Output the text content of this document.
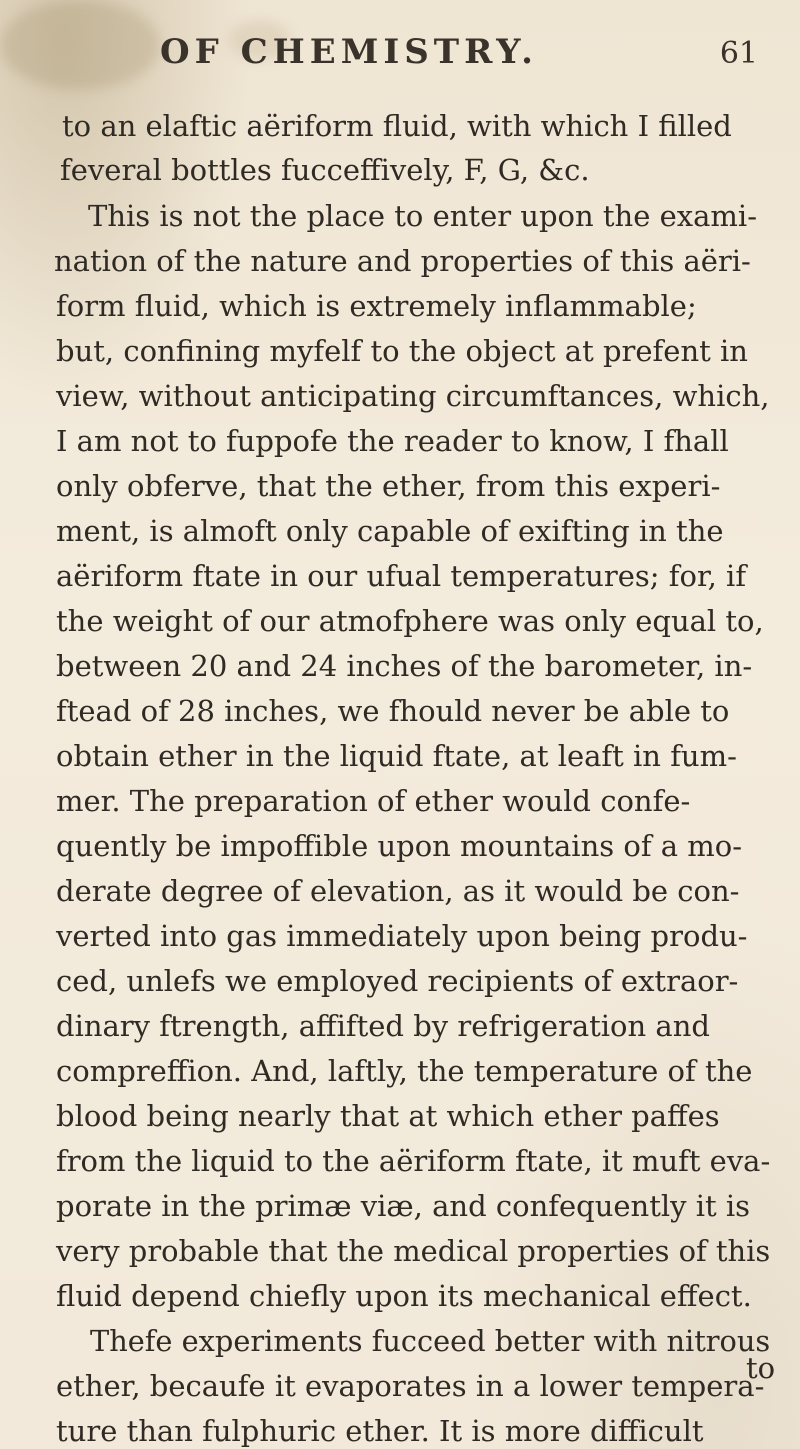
OF CHEMISTRY.	61
to an elaftic aëriform fluid, with which I filled
feveral bottles fucceffively, F, G, &c.
This is not the place to enter upon the exami-
nation of the nature and properties of this aëri-
form fluid, which is extremely inflammable;
but, confining myfelf to the object at prefent in
view, without anticipating circumftances, which,
I am not to fuppofe the reader to know, I fhall
only obferve, that the ether, from this experi-
ment, is almoft only capable of exifting in the
aëriform ftate in our ufual temperatures; for, if
the weight of our atmofphere was only equal to,
between 20 and 24 inches of the barometer, in-
ftead of 28 inches, we fhould never be able to
obtain ether in the liquid ftate, at leaft in fum-
mer. The preparation of ether would confe-
quently be impoffible upon mountains of a mo-
derate degree of elevation, as it would be con-
verted into gas immediately upon being produ-
ced, unlefs we employed recipients of extraor-
dinary ftrength, affifted by refrigeration and
compreffion. And, laftly, the temperature of the
blood being nearly that at which ether paffes
from the liquid to the aëriform ftate, it muft eva-
porate in the primæ viæ, and confequently it is
very probable that the medical properties of this
fluid depend chiefly upon its mechanical effect.
Thefe experiments fucceed better with nitrous
ether, becaufe it evaporates in a lower tempera-
ture than fulphuric ether. It is more difficult
to
